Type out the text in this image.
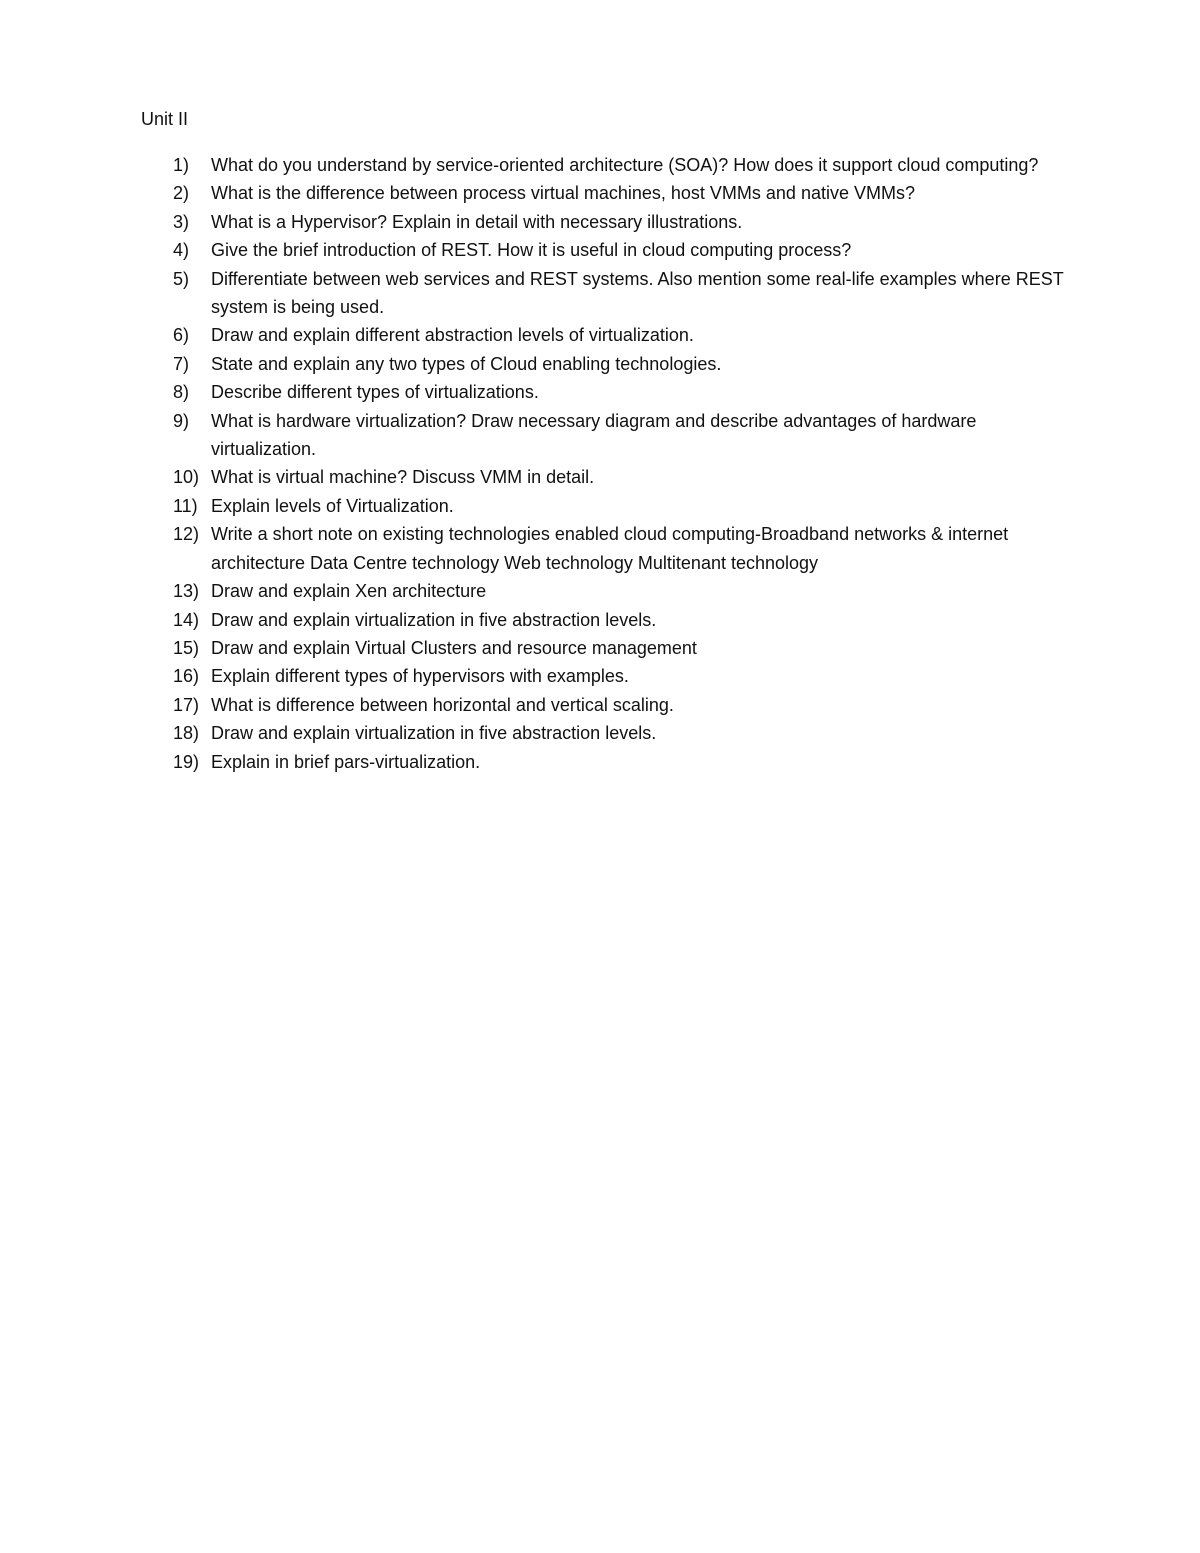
Unit II
1)	What do you understand by service-oriented architecture (SOA)? How does it support cloud computing?
2)	What is the difference between process virtual machines, host VMMs and native VMMs?
3)	What is a Hypervisor? Explain in detail with necessary illustrations.
4)	Give the brief introduction of REST. How it is useful in cloud computing process?
5)	Differentiate between web services and REST systems. Also mention some real-life examples where REST system is being used.
6)	Draw and explain different abstraction levels of virtualization.
7)	State and explain any two types of Cloud enabling technologies.
8)	Describe different types of virtualizations.
9)	What is hardware virtualization? Draw necessary diagram and describe advantages of hardware virtualization.
10) What is virtual machine? Discuss VMM in detail.
11) Explain levels of Virtualization.
12) Write a short note on existing technologies enabled cloud computing-Broadband networks & internet architecture Data Centre technology Web technology Multitenant technology
13) Draw and explain Xen architecture
14) Draw and explain virtualization in five abstraction levels.
15) Draw and explain Virtual Clusters and resource management
16) Explain different types of hypervisors with examples.
17) What is difference between horizontal and vertical scaling.
18) Draw and explain virtualization in five abstraction levels.
19) Explain in brief pars-virtualization.
